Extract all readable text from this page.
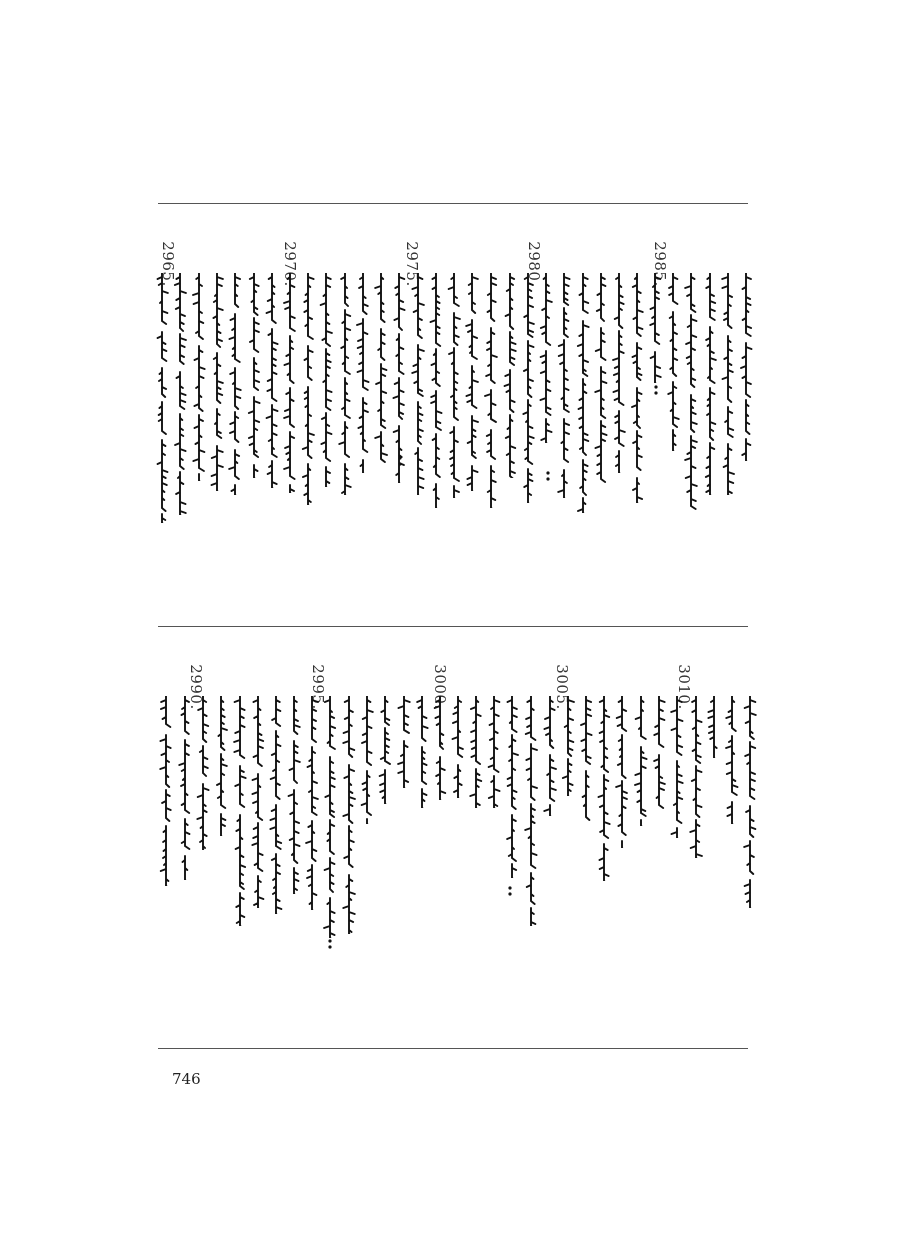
2985.
2980.
2975.
2970.
2965.
3010.
3005.
3000.
2995.
2990.
746
